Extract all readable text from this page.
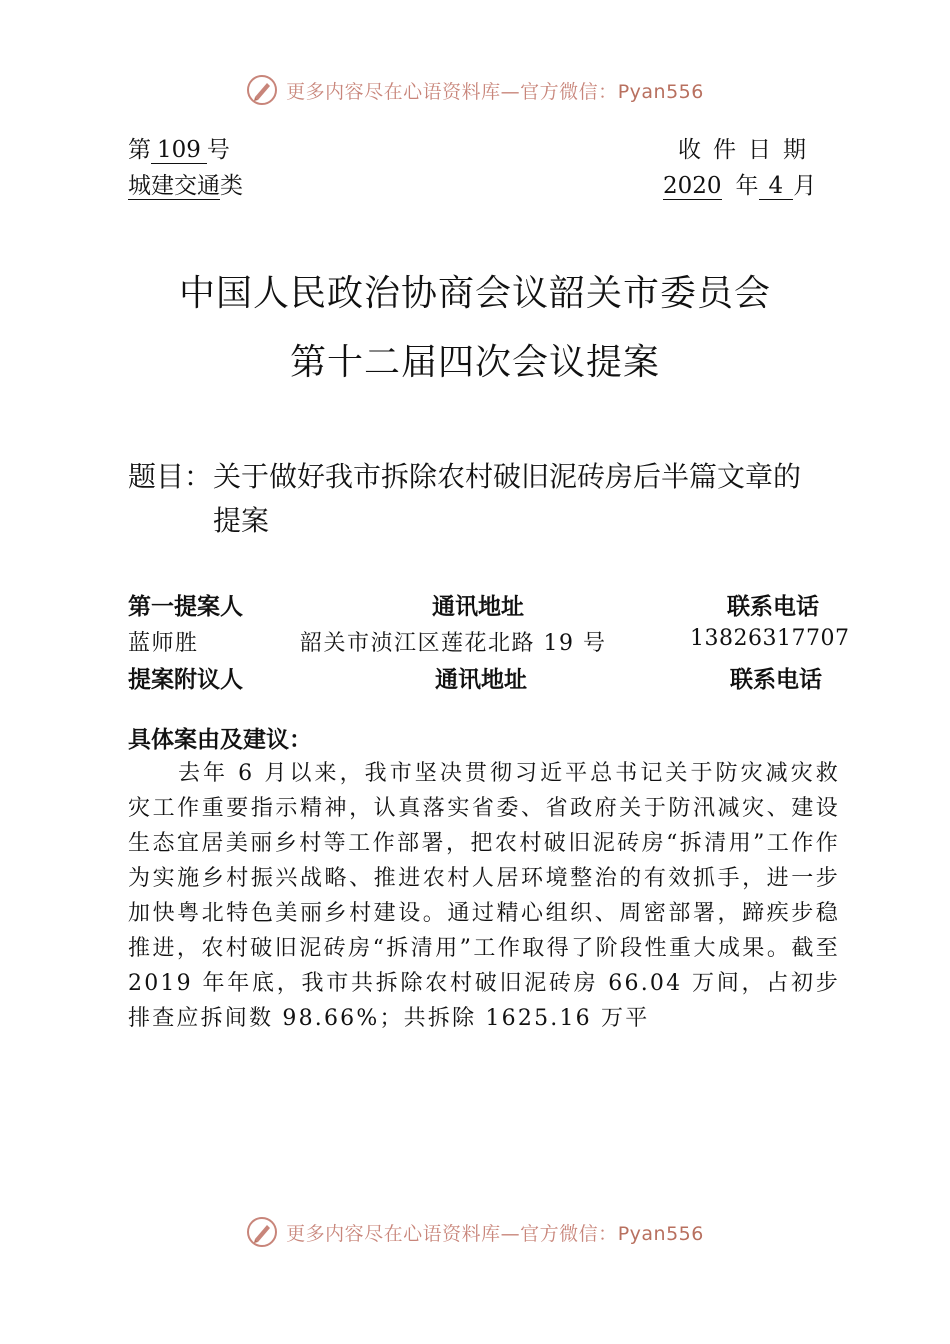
更多内容尽在心语资料库—官方微信：Pyan556
第 109 号	收件日期
城建交通类	2020 年 4 月
中国人民政治协商会议韶关市委员会
第十二届四次会议提案
题目： 关于做好我市拆除农村破旧泥砖房后半篇文章的
提案
第一提案人	通讯地址	联系电话
蓝师胜	韶关市浈江区莲花北路 19 号	13826317707
提案附议人	通讯地址	联系电话
具体案由及建议：

去年 6 月以来，我市坚决贯彻习近平总书记关于防灾减灾救灾工作重要指示精神，认真落实省委、省政府关于防汛减灾、建设生态宜居美丽乡村等工作部署，把农村破旧泥砖房“拆清用”工作作为实施乡村振兴战略、推进农村人居环境整治的有效抓手，进一步加快粤北特色美丽乡村建设。通过精心组织、周密部署，蹄疾步稳推进，农村破旧泥砖房“拆清用”工作取得了阶段性重大成果。截至 2019 年年底，我市共拆除农村破旧泥砖房 66.04 万间，占初步排查应拆间数 98.66%；共拆除 1625.16 万平

更多内容尽在心语资料库—官方微信：Pyan556
